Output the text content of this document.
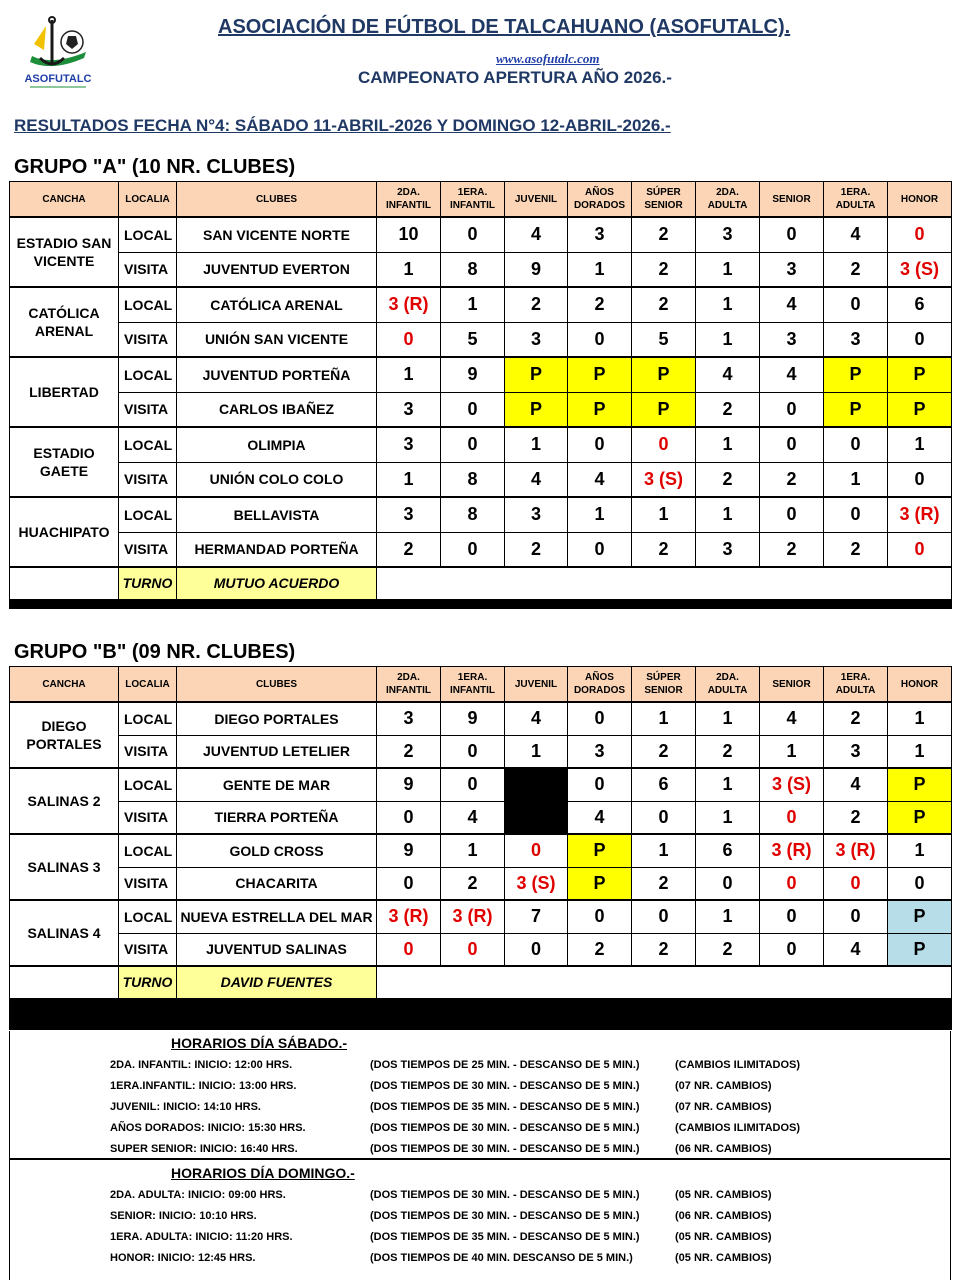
ASOFUTALC
ASOCIACIÓN DE FÚTBOL DE TALCAHUANO (ASOFUTALC).
www.asofutalc.com
CAMPEONATO APERTURA AÑO 2026.-
RESULTADOS FECHA N°4: SÁBADO 11-ABRIL-2026 Y DOMINGO 12-ABRIL-2026.-
GRUPO "A" (10 NR. CLUBES)
CANCHA	LOCALIA	CLUBES	2DA. INFANTIL	1ERA. INFANTIL	JUVENIL	AÑOS DORADOS	SÚPER SENIOR	2DA. ADULTA	SENIOR	1ERA. ADULTA	HONOR
ESTADIO SAN VICENTE	LOCAL	SAN VICENTE NORTE	10	0	4	3	2	3	0	4	0
	VISITA	JUVENTUD EVERTON	1	8	9	1	2	1	3	2	3 (S)
CATÓLICA ARENAL	LOCAL	CATÓLICA ARENAL	3 (R)	1	2	2	2	1	4	0	6
	VISITA	UNIÓN SAN VICENTE	0	5	3	0	5	1	3	3	0
LIBERTAD	LOCAL	JUVENTUD PORTEÑA	1	9	P	P	P	4	4	P	P
	VISITA	CARLOS IBAÑEZ	3	0	P	P	P	2	0	P	P
ESTADIO GAETE	LOCAL	OLIMPIA	3	0	1	0	0	1	0	0	1
	VISITA	UNIÓN COLO COLO	1	8	4	4	3 (S)	2	2	1	0
HUACHIPATO	LOCAL	BELLAVISTA	3	8	3	1	1	1	0	0	3 (R)
	VISITA	HERMANDAD PORTEÑA	2	0	2	0	2	3	2	2	0
	TURNO	MUTUO ACUERDO									

GRUPO "B" (09 NR. CLUBES)
CANCHA	LOCALIA	CLUBES	2DA. INFANTIL	1ERA. INFANTIL	JUVENIL	AÑOS DORADOS	SÚPER SENIOR	2DA. ADULTA	SENIOR	1ERA. ADULTA	HONOR
DIEGO PORTALES	LOCAL	DIEGO PORTALES	3	9	4	0	1	1	4	2	1
	VISITA	JUVENTUD LETELIER	2	0	1	3	2	2	1	3	1
SALINAS 2	LOCAL	GENTE DE MAR	9	0		0	6	1	3 (S)	4	P
	VISITA	TIERRA PORTEÑA	0	4		4	0	1	0	2	P
SALINAS 3	LOCAL	GOLD CROSS	9	1	0	P	1	6	3 (R)	3 (R)	1
	VISITA	CHACARITA	0	2	3 (S)	P	2	0	0	0	0
SALINAS 4	LOCAL	NUEVA ESTRELLA DEL MAR	3 (R)	3 (R)	7	0	0	1	0	0	P
	VISITA	JUVENTUD SALINAS	0	0	0	2	2	2	0	4	P
	TURNO	DAVID FUENTES									

HORARIOS DÍA SÁBADO.-
2DA. INFANTIL: INICIO: 12:00 HRS.	(DOS TIEMPOS DE 25 MIN. - DESCANSO DE 5 MIN.)	(CAMBIOS ILIMITADOS)
1ERA.INFANTIL: INICIO: 13:00 HRS.	(DOS TIEMPOS DE 30 MIN. - DESCANSO DE 5 MIN.)	(07 NR. CAMBIOS)
JUVENIL: INICIO: 14:10 HRS.	(DOS TIEMPOS DE 35 MIN. - DESCANSO DE 5 MIN.)	(07 NR. CAMBIOS)
AÑOS DORADOS: INICIO: 15:30 HRS.	(DOS TIEMPOS DE 30 MIN. - DESCANSO DE 5 MIN.)	(CAMBIOS ILIMITADOS)
SUPER SENIOR: INICIO: 16:40 HRS.	(DOS TIEMPOS DE 30 MIN. - DESCANSO DE 5 MIN.)	(06 NR. CAMBIOS)
HORARIOS DÍA DOMINGO.-
2DA. ADULTA: INICIO: 09:00 HRS.	(DOS TIEMPOS DE 30 MIN. - DESCANSO DE 5 MIN.)	(05 NR. CAMBIOS)
SENIOR: INICIO: 10:10 HRS.	(DOS TIEMPOS DE 30 MIN. - DESCANSO DE 5 MIN.)	(06 NR. CAMBIOS)
1ERA. ADULTA: INICIO: 11:20 HRS.	(DOS TIEMPOS DE 35 MIN. - DESCANSO DE 5 MIN.)	(05 NR. CAMBIOS)
HONOR: INICIO: 12:45 HRS.	(DOS TIEMPOS DE 40 MIN. DESCANSO DE 5 MIN.)	(05 NR. CAMBIOS)
